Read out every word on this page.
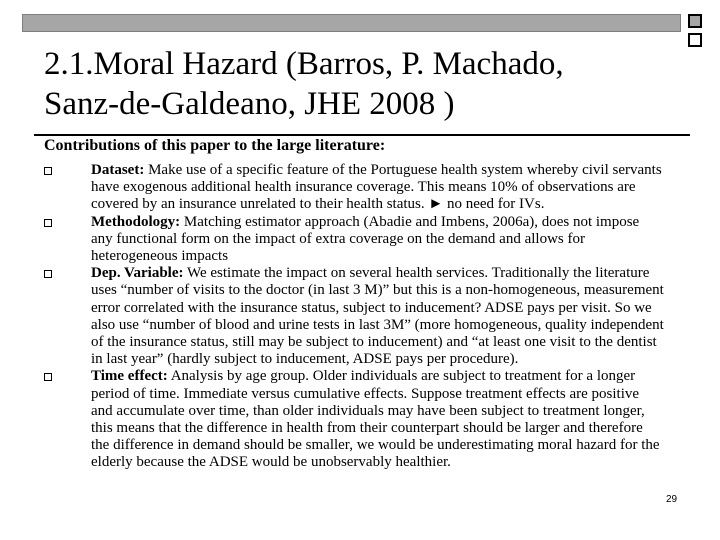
2.1.Moral Hazard (Barros, P. Machado,
Sanz-de-Galdeano, JHE 2008 )

Contributions of this paper to the large literature:

Dataset: Make use of a specific feature of the Portuguese health system whereby civil servants have exogenous additional health insurance coverage. This means 10% of observations are covered by an insurance unrelated to their health status. ► no need for IVs.
Methodology: Matching estimator approach (Abadie and Imbens, 2006a), does not impose any functional form on the impact of extra coverage on the demand and allows for heterogeneous impacts
Dep. Variable: We estimate the impact on several health services. Traditionally the literature uses “number of visits to the doctor (in last 3 M)” but this is a non-homogeneous, measurement error correlated with the insurance status, subject to inducement? ADSE pays per visit. So we also use “number of blood and urine tests in last 3M” (more homogeneous, quality independent of the insurance status, still may be subject to inducement) and “at least one visit to the dentist in last year” (hardly subject to inducement, ADSE pays per procedure).
Time effect: Analysis by age group. Older individuals are subject to treatment for a longer period of time. Immediate versus cumulative effects. Suppose treatment effects are positive and accumulate over time, than older individuals may have been subject to treatment longer, this means that the difference in health from their counterpart should be larger and therefore the difference in demand should be smaller, we would be underestimating moral hazard for the elderly because the ADSE would be unobservably healthier.
29
